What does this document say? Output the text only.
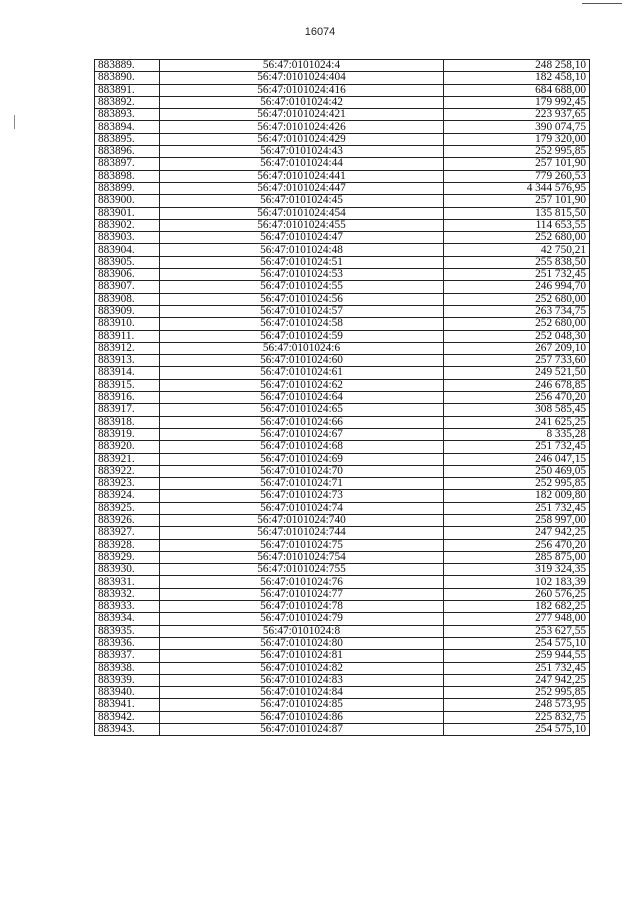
16074
883889.	56:47:0101024:4	248 258,10
883890.	56:47:0101024:404	182 458,10
883891.	56:47:0101024:416	684 688,00
883892.	56:47:0101024:42	179 992,45
883893.	56:47:0101024:421	223 937,65
883894.	56:47:0101024:426	390 074,75
883895.	56:47:0101024:429	179 320,00
883896.	56:47:0101024:43	252 995,85
883897.	56:47:0101024:44	257 101,90
883898.	56:47:0101024:441	779 260,53
883899.	56:47:0101024:447	4 344 576,95
883900.	56:47:0101024:45	257 101,90
883901.	56:47:0101024:454	135 815,50
883902.	56:47:0101024:455	114 653,55
883903.	56:47:0101024:47	252 680,00
883904.	56:47:0101024:48	42 750,21
883905.	56:47:0101024:51	255 838,50
883906.	56:47:0101024:53	251 732,45
883907.	56:47:0101024:55	246 994,70
883908.	56:47:0101024:56	252 680,00
883909.	56:47:0101024:57	263 734,75
883910.	56:47:0101024:58	252 680,00
883911.	56:47:0101024:59	252 048,30
883912.	56:47:0101024:6	267 209,10
883913.	56:47:0101024:60	257 733,60
883914.	56:47:0101024:61	249 521,50
883915.	56:47:0101024:62	246 678,85
883916.	56:47:0101024:64	256 470,20
883917.	56:47:0101024:65	308 585,45
883918.	56:47:0101024:66	241 625,25
883919.	56:47:0101024:67	8 335,28
883920.	56:47:0101024:68	251 732,45
883921.	56:47:0101024:69	246 047,15
883922.	56:47:0101024:70	250 469,05
883923.	56:47:0101024:71	252 995,85
883924.	56:47:0101024:73	182 009,80
883925.	56:47:0101024:74	251 732,45
883926.	56:47:0101024:740	258 997,00
883927.	56:47:0101024:744	247 942,25
883928.	56:47:0101024:75	256 470,20
883929.	56:47:0101024:754	285 875,00
883930.	56:47:0101024:755	319 324,35
883931.	56:47:0101024:76	102 183,39
883932.	56:47:0101024:77	260 576,25
883933.	56:47:0101024:78	182 682,25
883934.	56:47:0101024:79	277 948,00
883935.	56:47:0101024:8	253 627,55
883936.	56:47:0101024:80	254 575,10
883937.	56:47:0101024:81	259 944,55
883938.	56:47:0101024:82	251 732,45
883939.	56:47:0101024:83	247 942,25
883940.	56:47:0101024:84	252 995,85
883941.	56:47:0101024:85	248 573,95
883942.	56:47:0101024:86	225 832,75
883943.	56:47:0101024:87	254 575,10
